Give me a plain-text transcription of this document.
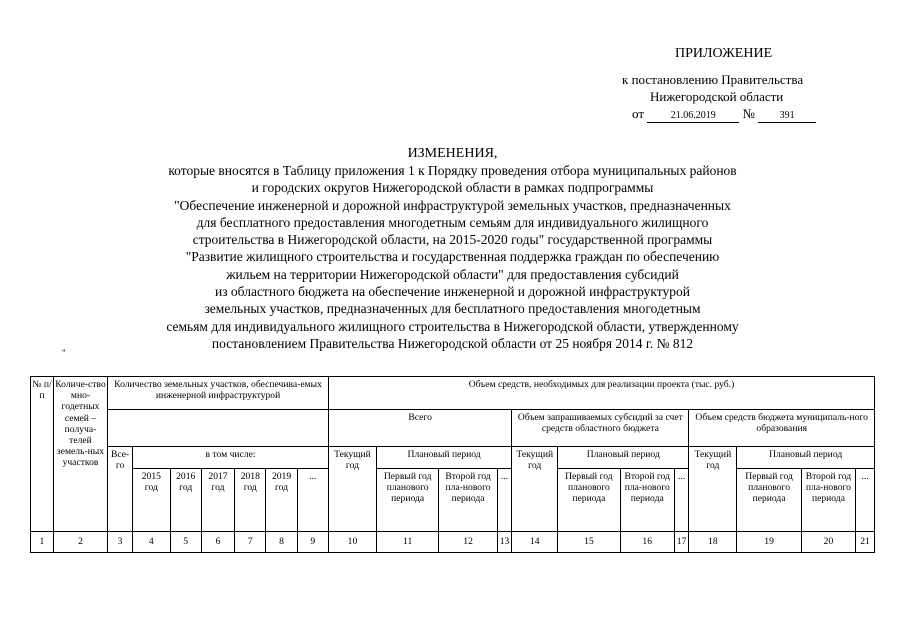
ПРИЛОЖЕНИЕ
к постановлению Правительства
Нижегородской области
от	21.06.2019 № 391
ИЗМЕНЕНИЯ,
которые вносятся в Таблицу приложения 1 к Порядку проведения отбора муниципальных районов
и городских округов Нижегородской области в рамках подпрограммы
"Обеспечение инженерной и дорожной инфраструктурой земельных участков, предназначенных
для бесплатного предоставления многодетным семьям для индивидуального жилищного
строительства в Нижегородской области, на 2015-2020 годы" государственной программы
"Развитие жилищного строительства и государственная поддержка граждан по обеспечению
жильем на территории Нижегородской области" для предоставления субсидий
из областного бюджета на обеспечение инженерной и дорожной инфраструктурой
земельных участков, предназначенных для бесплатного предоставления многодетным
семьям для индивидуального жилищного строительства в Нижегородской области, утвержденному
постановлением Правительства Нижегородской области от 25 ноября 2014 г. № 812
"
№ п/п	Количе-ство мно-годетных семей – получа-телей земель-ных участков	Количество земельных участков, обеспечива-емых инженерной инфраструктурой							Объем средств, необходимых для реализации проекта (тыс. руб.)											
									Всего				Объем запрашиваемых субсидий за счет средств областного бюджета				Объем средств бюджета муниципаль-ного образования			
		Все-го	в том числе:						Текущий год	Плановый период			Текущий год	Плановый период			Текущий год	Плановый период		
			2015 год	2016 год	2017 год	2018 год	2019 год	...		Первый год планового периода	Второй год пла-нового периода	...		Первый год планового периода	Второй год пла-нового периода	...		Первый год планового периода	Второй год пла-нового периода	...
1	2	3	4	5	6	7	8	9	10	11	12	13	14	15	16	17	18	19	20	21
